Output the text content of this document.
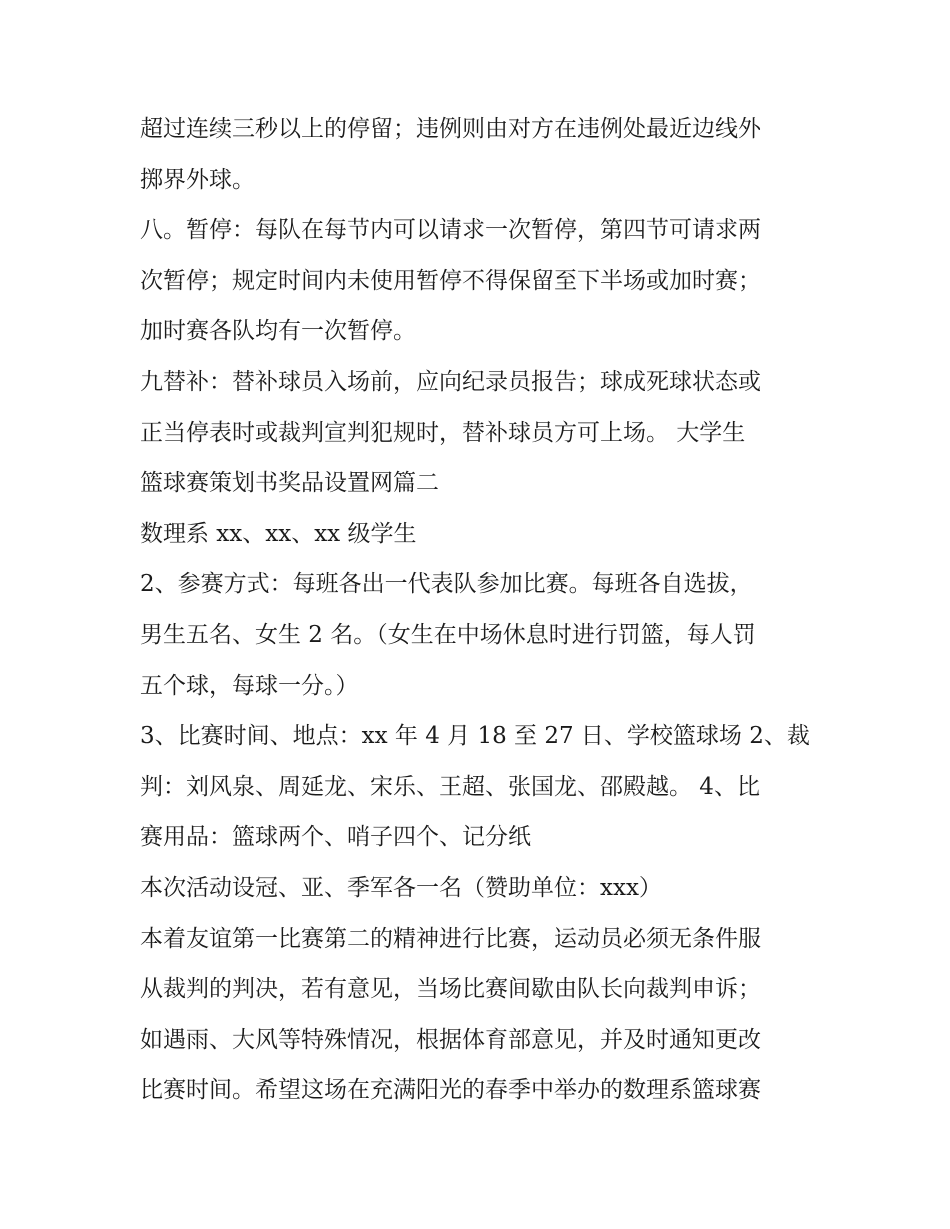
超过连续三秒以上的停留；违例则由对方在违例处最近边线外
掷界外球。
八。暂停：每队在每节内可以请求一次暂停，第四节可请求两
次暂停；规定时间内未使用暂停不得保留至下半场或加时赛；
加时赛各队均有一次暂停。
九替补：替补球员入场前，应向纪录员报告；球成死球状态或
正当停表时或裁判宣判犯规时，替补球员方可上场。 大学生
篮球赛策划书奖品设置网篇二
数理系 xx、xx、xx 级学生
2、参赛方式：每班各出一代表队参加比赛。每班各自选拔，
男生五名、女生 2 名。（女生在中场休息时进行罚篮，每人罚
五个球，每球一分。）
3、比赛时间、地点：xx 年 4 月 18 至 27 日、学校篮球场 2、裁
判：刘风泉、周延龙、宋乐、王超、张国龙、邵殿越。 4、比
赛用品：篮球两个、哨子四个、记分纸
本次活动设冠、亚、季军各一名（赞助单位：xxx）
本着友谊第一比赛第二的精神进行比赛，运动员必须无条件服
从裁判的判决，若有意见，当场比赛间歇由队长向裁判申诉；
如遇雨、大风等特殊情况，根据体育部意见，并及时通知更改
比赛时间。希望这场在充满阳光的春季中举办的数理系篮球赛
